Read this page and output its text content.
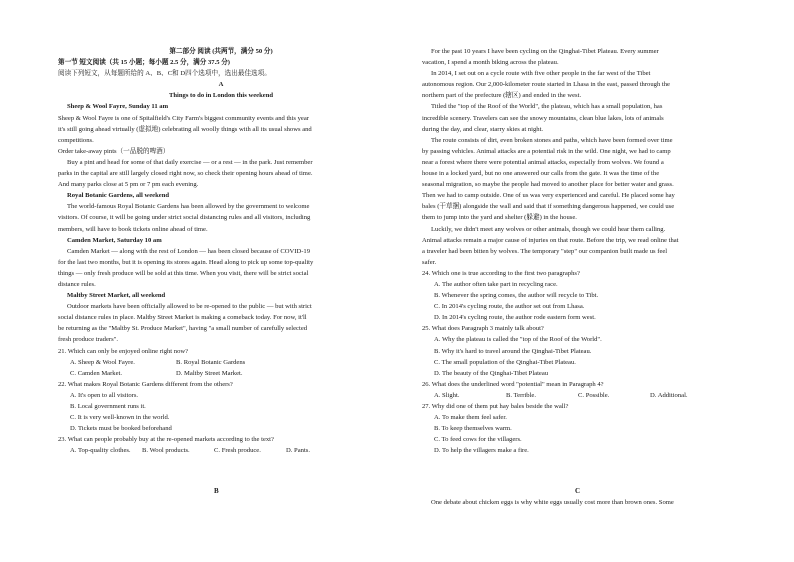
第二部分 阅读 (共两节，满分 50 分)
第一节 短文阅读（共 15 小题；每小题 2.5 分，满分 37.5 分)
阅读下列短文，从每题所给的 A、B、C和 D四个选项中，选出最佳选项。
A
Things to do in London this weekend
Sheep & Wool Fayre, Sunday 11 am
Sheep & Wool Fayre is one of Spitalfield's City Farm's biggest community events and this year
it's still going ahead virtually (虚拟地) celebrating all woolly things with all its usual shows and
competitions.
Order take-away pints（一品脱的啤酒）
Buy a pint and head for some of that daily exercise — or a rest — in the park. Just remember
parks in the capital are still largely closed right now, so check their opening hours ahead of time.
And many parks close at 5 pm or 7 pm each evening.
Royal Botanic Gardens, all weekend
The world-famous Royal Botanic Gardens has been allowed by the government to welcome
visitors. Of course, it will be going under strict social distancing rules and all visitors, including
members, will have to book tickets online ahead of time.
Camden Market, Saturday 10 am
Camden Market — along with the rest of London — has been closed because of COVID-19
for the last two months, but it is opening its stores again. Head along to pick up some top-quality
things — only fresh produce will be sold at this time. When you visit, there will be strict social
distance rules.
Maltby Street Market, all weekend
Outdoor markets have been officially allowed to be re-opened to the public — but with strict
social distance rules in place. Maltby Street Market is making a comeback today. For now, it'll
be returning as the "Maltby St. Produce Market", having "a small number of carefully selected
fresh produce traders".
21. Which can only be enjoyed online right now?
A. Sheep & Wool Fayre.	B. Royal Botanic Gardens
C. Camden Market.	D. Maltby Street Market.
22. What makes Royal Botanic Gardens different from the others?
A. It's open to all visitors.
B. Local government runs it.
C. It is very well-known in the world.
D. Tickets must be booked beforehand
23. What can people probably buy at the re-opened markets according to the text?
A. Top-quality clothes.	B. Wool products.	C. Fresh produce.	D. Pants.
B
For the past 10 years I have been cycling on the Qinghai-Tibet Plateau. Every summer
vacation, I spend a month biking across the plateau.
In 2014, I set out on a cycle route with five other people in the far west of the Tibet
autonomous region. Our 2,000-kilometer route started in Lhasa in the east, passed through the
northern part of the prefecture (辖区) and ended in the west.
Titled the "top of the Roof of the World", the plateau, which has a small population, has
incredible scenery. Travelers can see the snowy mountains, clean blue lakes, lots of animals
during the day, and clear, starry skies at night.
The route consists of dirt, even broken stones and paths, which have been formed over time
by passing vehicles. Animal attacks are a potential risk in the wild. One night, we had to camp
near a forest where there were potential animal attacks, especially from wolves. We found a
house in a locked yard, but no one answered our calls from the gate. It was the time of the
seasonal migration, so maybe the people had moved to another place for better water and grass.
Then we had to camp outside. One of us was very experienced and careful. He placed some hay
bales (干草捆) alongside the wall and said that if something dangerous happened, we could use
them to jump into the yard and shelter (躲避) in the house.
Luckily, we didn't meet any wolves or other animals, though we could hear them calling.
Animal attacks remain a major cause of injuries on that route. Before the trip, we read online that
a traveler had been bitten by wolves. The temporary "step" our companion built made us feel
safer.
24. Which one is true according to the first two paragraphs?
A. The author often take part in recycling race.
B. Whenever the spring comes, the author will recycle to Tibt.
C. In 2014's cycling route, the author set out from Lhasa.
D. In 2014's cycling route, the author rode eastern form west.
25. What does Paragraph 3 mainly talk about?
A. Why the plateau is called the "top of the Roof of the World".
B. Why it's hard to travel around the Qinghai-Tibet Plateau.
C. The small population of the Qinghai-Tibet Plateau.
D. The beauty of the Qinghai-Tibet Plateau
26. What does the underlined word "potential" mean in Paragraph 4?
A. Slight.	B. Terrible.	C. Possible.	D. Additional.
27. Why did one of them put hay bales beside the wall?
A. To make them feel safer.
B. To keep themselves warm.
C. To feed cows for the villagers.
D. To help the villagers make a fire.
C
One debate about chicken eggs is why white eggs usually cost more than brown ones. Some
